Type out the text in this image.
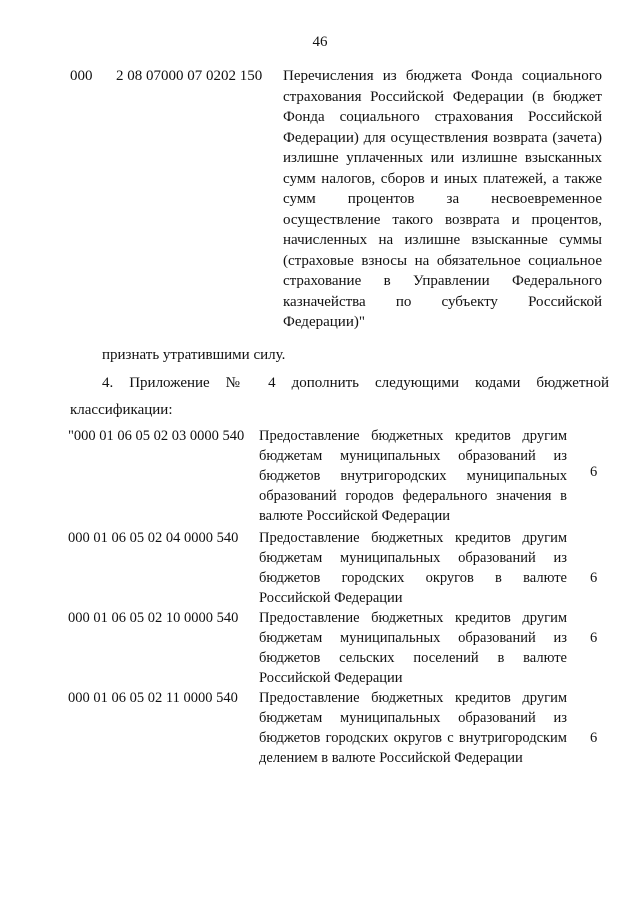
46
000 2 08 07000 07 0202 150 Перечисления из бюджета Фонда социального страхования Российской Федерации (в бюджет Фонда социального страхования Российской Федерации) для осуществления возврата (зачета) излишне уплаченных или излишне взысканных сумм налогов, сборов и иных платежей, а также сумм процентов за несвоевременное осуществление такого возврата и процентов, начисленных на излишне взысканные суммы (страховые взносы на обязательное социальное страхование в Управлении Федерального казначейства по субъекту Российской Федерации)"
признать утратившими силу.
4. Приложение № 4 дополнить следующими кодами бюджетной
классификации:
"000 01 06 05 02 03 0000 540 Предоставление бюджетных кредитов другим бюджетам муниципальных образований из бюджетов внутригородских муниципальных образований городов федерального значения в валюте Российской Федерации
6
000 01 06 05 02 04 0000 540 Предоставление бюджетных кредитов другим бюджетам муниципальных образований из бюджетов городских округов в валюте Российской Федерации
6
000 01 06 05 02 10 0000 540 Предоставление бюджетных кредитов другим бюджетам муниципальных образований из бюджетов сельских поселений в валюте Российской Федерации
6
000 01 06 05 02 11 0000 540 Предоставление бюджетных кредитов другим бюджетам муниципальных образований из бюджетов городских округов с внутригородским делением в валюте Российской Федерации
6
